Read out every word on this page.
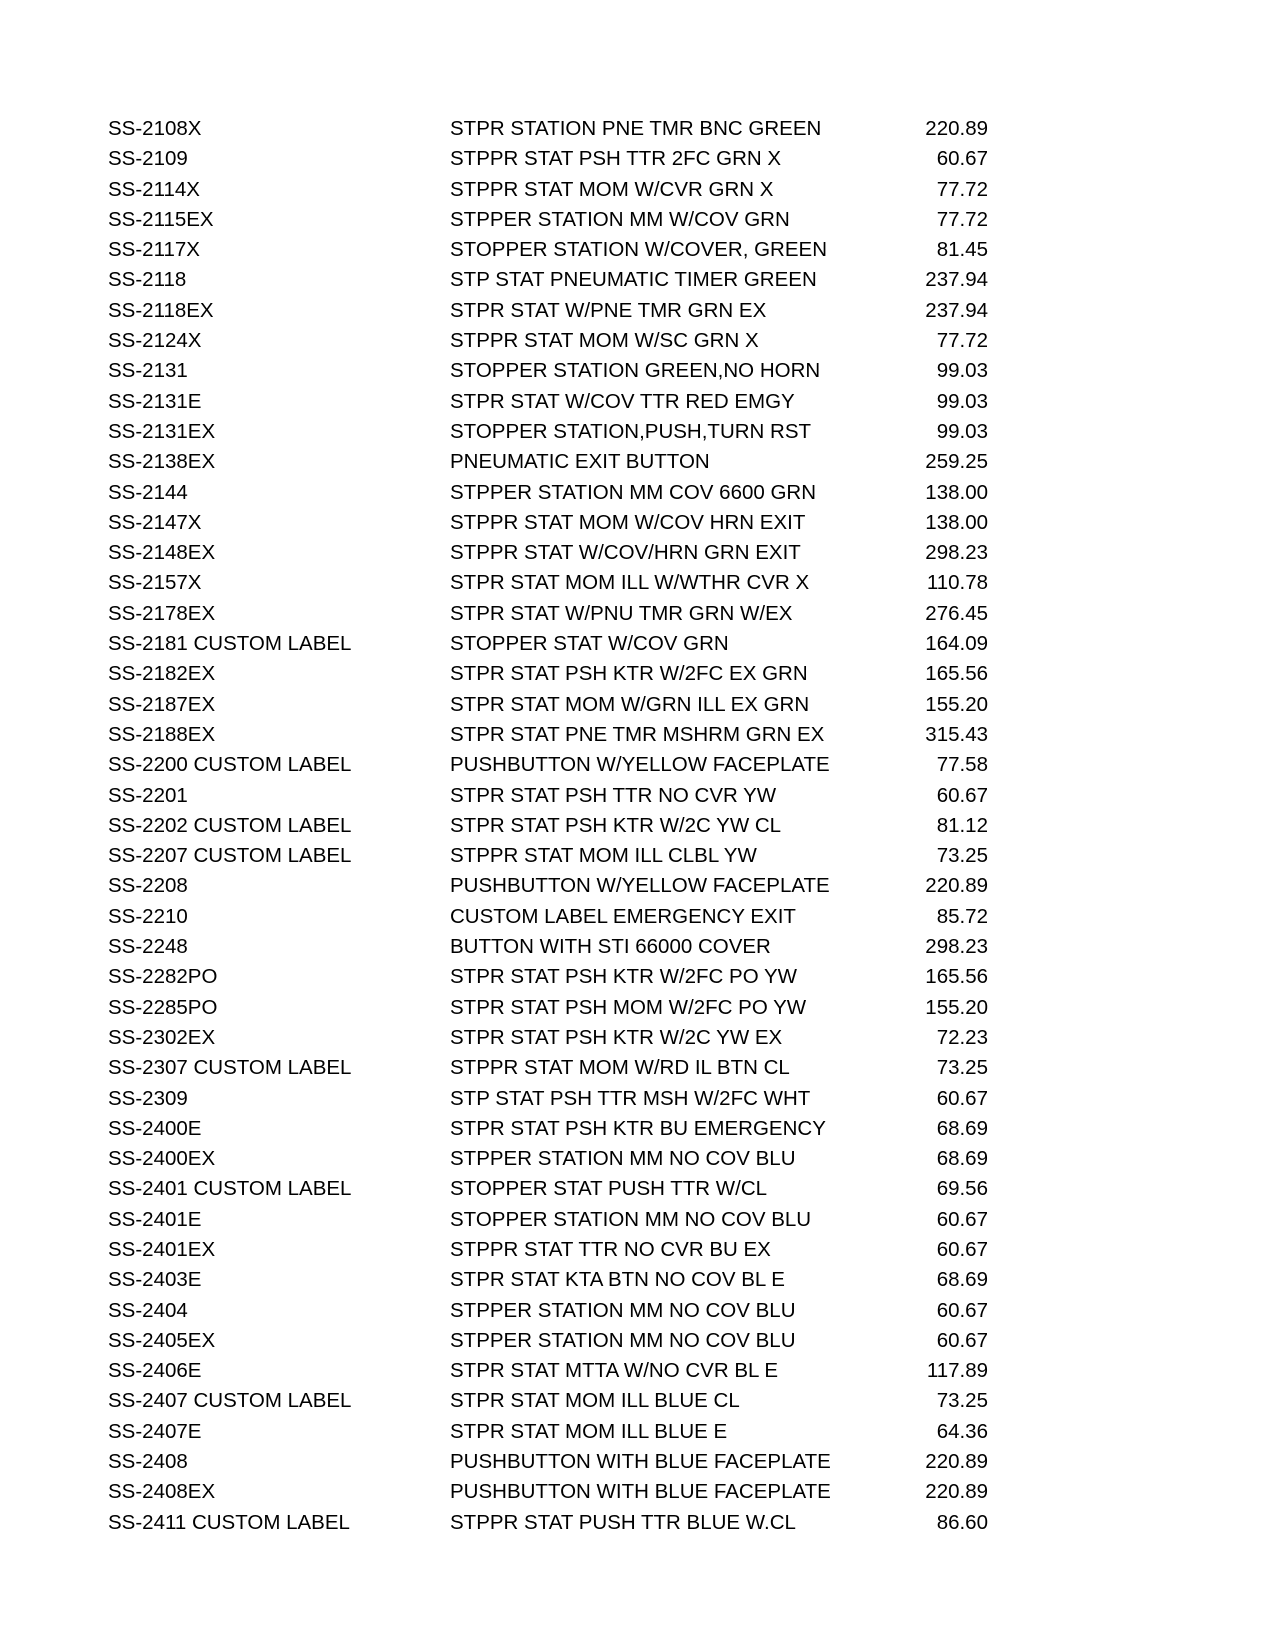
SS-2108X	STPR STATION PNE TMR BNC GREEN	220.89
SS-2109	STPPR STAT PSH TTR 2FC GRN X	60.67
SS-2114X	STPPR STAT MOM W/CVR GRN X	77.72
SS-2115EX	STPPER STATION MM W/COV GRN	77.72
SS-2117X	STOPPER STATION W/COVER, GREEN	81.45
SS-2118	STP STAT PNEUMATIC TIMER GREEN	237.94
SS-2118EX	STPR STAT W/PNE TMR GRN EX	237.94
SS-2124X	STPPR STAT MOM W/SC GRN X	77.72
SS-2131	STOPPER STATION GREEN,NO HORN	99.03
SS-2131E	STPR STAT W/COV TTR RED EMGY	99.03
SS-2131EX	STOPPER STATION,PUSH,TURN RST	99.03
SS-2138EX	PNEUMATIC EXIT BUTTON	259.25
SS-2144	STPPER STATION MM COV 6600 GRN	138.00
SS-2147X	STPPR STAT MOM W/COV HRN EXIT	138.00
SS-2148EX	STPPR STAT W/COV/HRN GRN EXIT	298.23
SS-2157X	STPR STAT MOM ILL W/WTHR CVR X	110.78
SS-2178EX	STPR STAT W/PNU TMR GRN W/EX	276.45
SS-2181 CUSTOM LABEL	STOPPER STAT W/COV GRN	164.09
SS-2182EX	STPR STAT PSH KTR W/2FC EX GRN	165.56
SS-2187EX	STPR STAT MOM W/GRN ILL EX GRN	155.20
SS-2188EX	STPR STAT PNE TMR MSHRM GRN EX	315.43
SS-2200 CUSTOM LABEL	PUSHBUTTON W/YELLOW FACEPLATE	77.58
SS-2201	STPR STAT PSH TTR NO CVR YW	60.67
SS-2202 CUSTOM LABEL	STPR STAT PSH KTR W/2C YW CL	81.12
SS-2207 CUSTOM LABEL	STPPR STAT MOM ILL CLBL YW	73.25
SS-2208	PUSHBUTTON W/YELLOW FACEPLATE	220.89
SS-2210	CUSTOM LABEL EMERGENCY EXIT	85.72
SS-2248	BUTTON WITH STI 66000 COVER	298.23
SS-2282PO	STPR STAT PSH KTR W/2FC PO YW	165.56
SS-2285PO	STPR STAT PSH MOM W/2FC PO YW	155.20
SS-2302EX	STPR STAT PSH KTR W/2C YW EX	72.23
SS-2307 CUSTOM LABEL	STPPR STAT MOM W/RD IL BTN CL	73.25
SS-2309	STP STAT PSH TTR MSH W/2FC WHT	60.67
SS-2400E	STPR STAT PSH KTR BU EMERGENCY	68.69
SS-2400EX	STPPER STATION MM NO COV BLU	68.69
SS-2401 CUSTOM LABEL	STOPPER STAT PUSH TTR W/CL	69.56
SS-2401E	STOPPER STATION MM NO COV BLU	60.67
SS-2401EX	STPPR STAT TTR NO CVR BU EX	60.67
SS-2403E	STPR STAT KTA BTN NO COV BL E	68.69
SS-2404	STPPER STATION MM NO COV BLU	60.67
SS-2405EX	STPPER STATION MM NO COV BLU	60.67
SS-2406E	STPR STAT MTTA W/NO CVR BL E	117.89
SS-2407 CUSTOM LABEL	STPR STAT MOM ILL BLUE CL	73.25
SS-2407E	STPR STAT MOM ILL BLUE E	64.36
SS-2408	PUSHBUTTON WITH BLUE FACEPLATE	220.89
SS-2408EX	PUSHBUTTON WITH BLUE FACEPLATE	220.89
SS-2411 CUSTOM LABEL	STPPR STAT PUSH TTR BLUE W.CL	86.60
